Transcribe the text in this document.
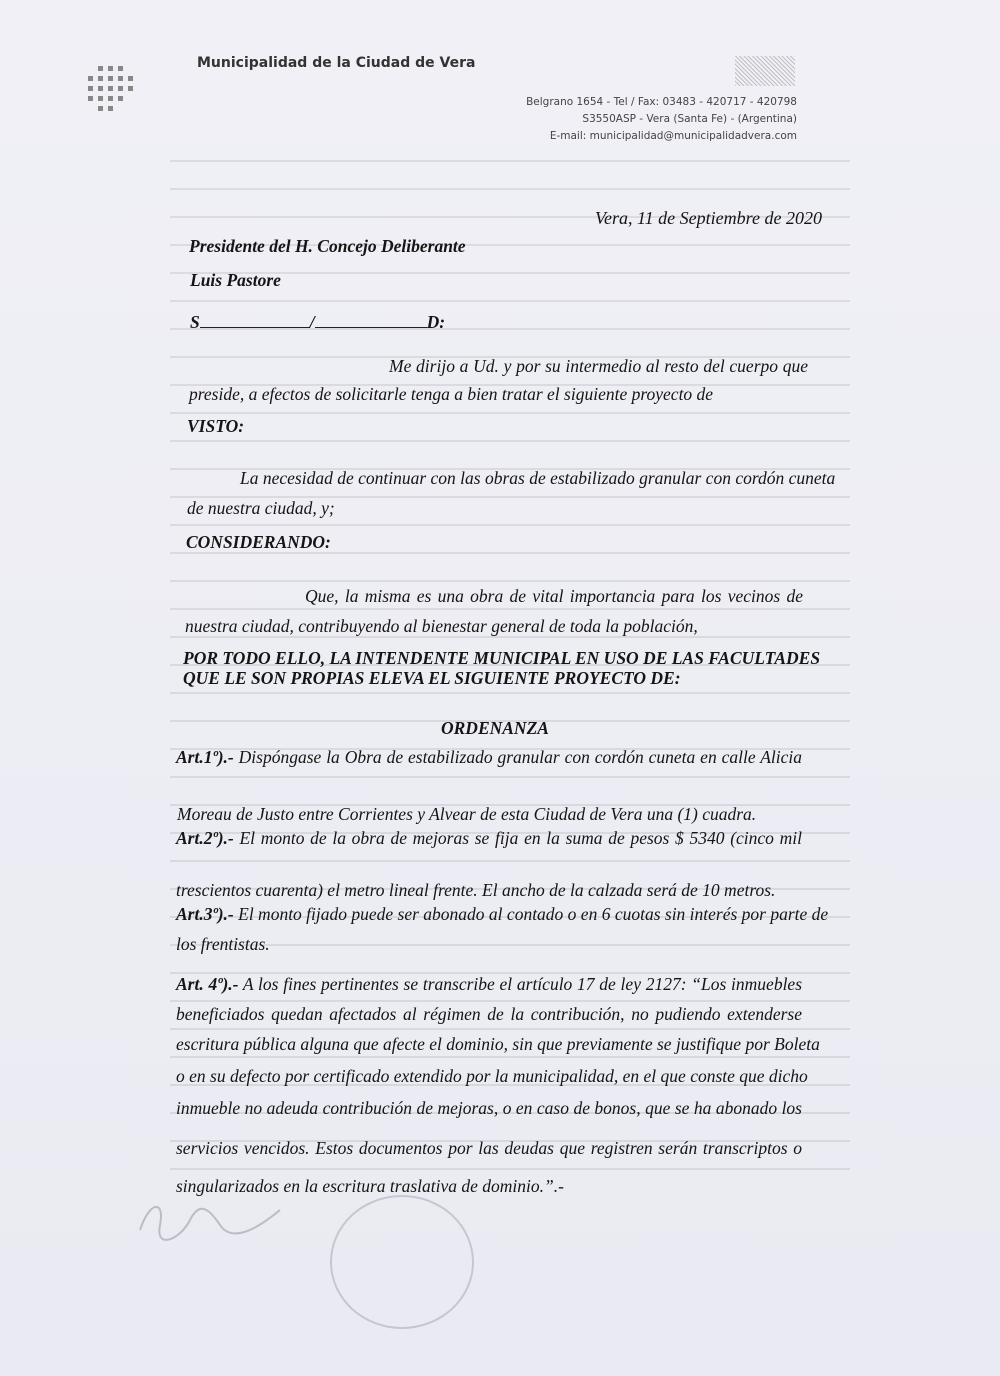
Municipalidad de la Ciudad de Vera
Belgrano 1654 - Tel / Fax: 03483 - 420717 - 420798
S3550ASP - Vera (Santa Fe) - (Argentina)
E-mail: municipalidad@municipalidadvera.com
Vera, 11 de Septiembre de 2020
Presidente del H. Concejo Deliberante
Luis Pastore
S	/	D:
Me dirijo a Ud. y por su intermedio al resto del cuerpo que
preside, a efectos de solicitarle tenga a bien tratar el siguiente proyecto de
VISTO:
La necesidad de continuar con las obras de estabilizado granular con cordón cuneta
de nuestra ciudad, y;
CONSIDERANDO:
Que, la misma es una obra de vital importancia para los vecinos de
nuestra ciudad, contribuyendo al bienestar general de toda la población,
POR TODO ELLO, LA INTENDENTE MUNICIPAL EN USO DE LAS FACULTADES
QUE LE SON PROPIAS ELEVA EL SIGUIENTE PROYECTO DE:
ORDENANZA
Art.1º).- Dispóngase la Obra de estabilizado granular con cordón cuneta en calle Alicia
Moreau de Justo entre Corrientes y Alvear de esta Ciudad de Vera una (1) cuadra.
Art.2º).- El monto de la obra de mejoras se fija en la suma de pesos $ 5340 (cinco mil
trescientos cuarenta) el metro lineal frente. El ancho de la calzada será de 10 metros.
Art.3º).- El monto fijado puede ser abonado al contado o en 6 cuotas sin interés por parte de
los frentistas.
Art. 4º).- A los fines pertinentes se transcribe el artículo 17 de ley 2127: “Los inmuebles
beneficiados quedan afectados al régimen de la contribución, no pudiendo extenderse
escritura pública alguna que afecte el dominio, sin que previamente se justifique por Boleta
o en su defecto por certificado extendido por la municipalidad, en el que conste que dicho
inmueble no adeuda contribución de mejoras, o en caso de bonos, que se ha abonado los
servicios vencidos. Estos documentos por las deudas que registren serán transcriptos o
singularizados en la escritura traslativa de dominio.”.-
